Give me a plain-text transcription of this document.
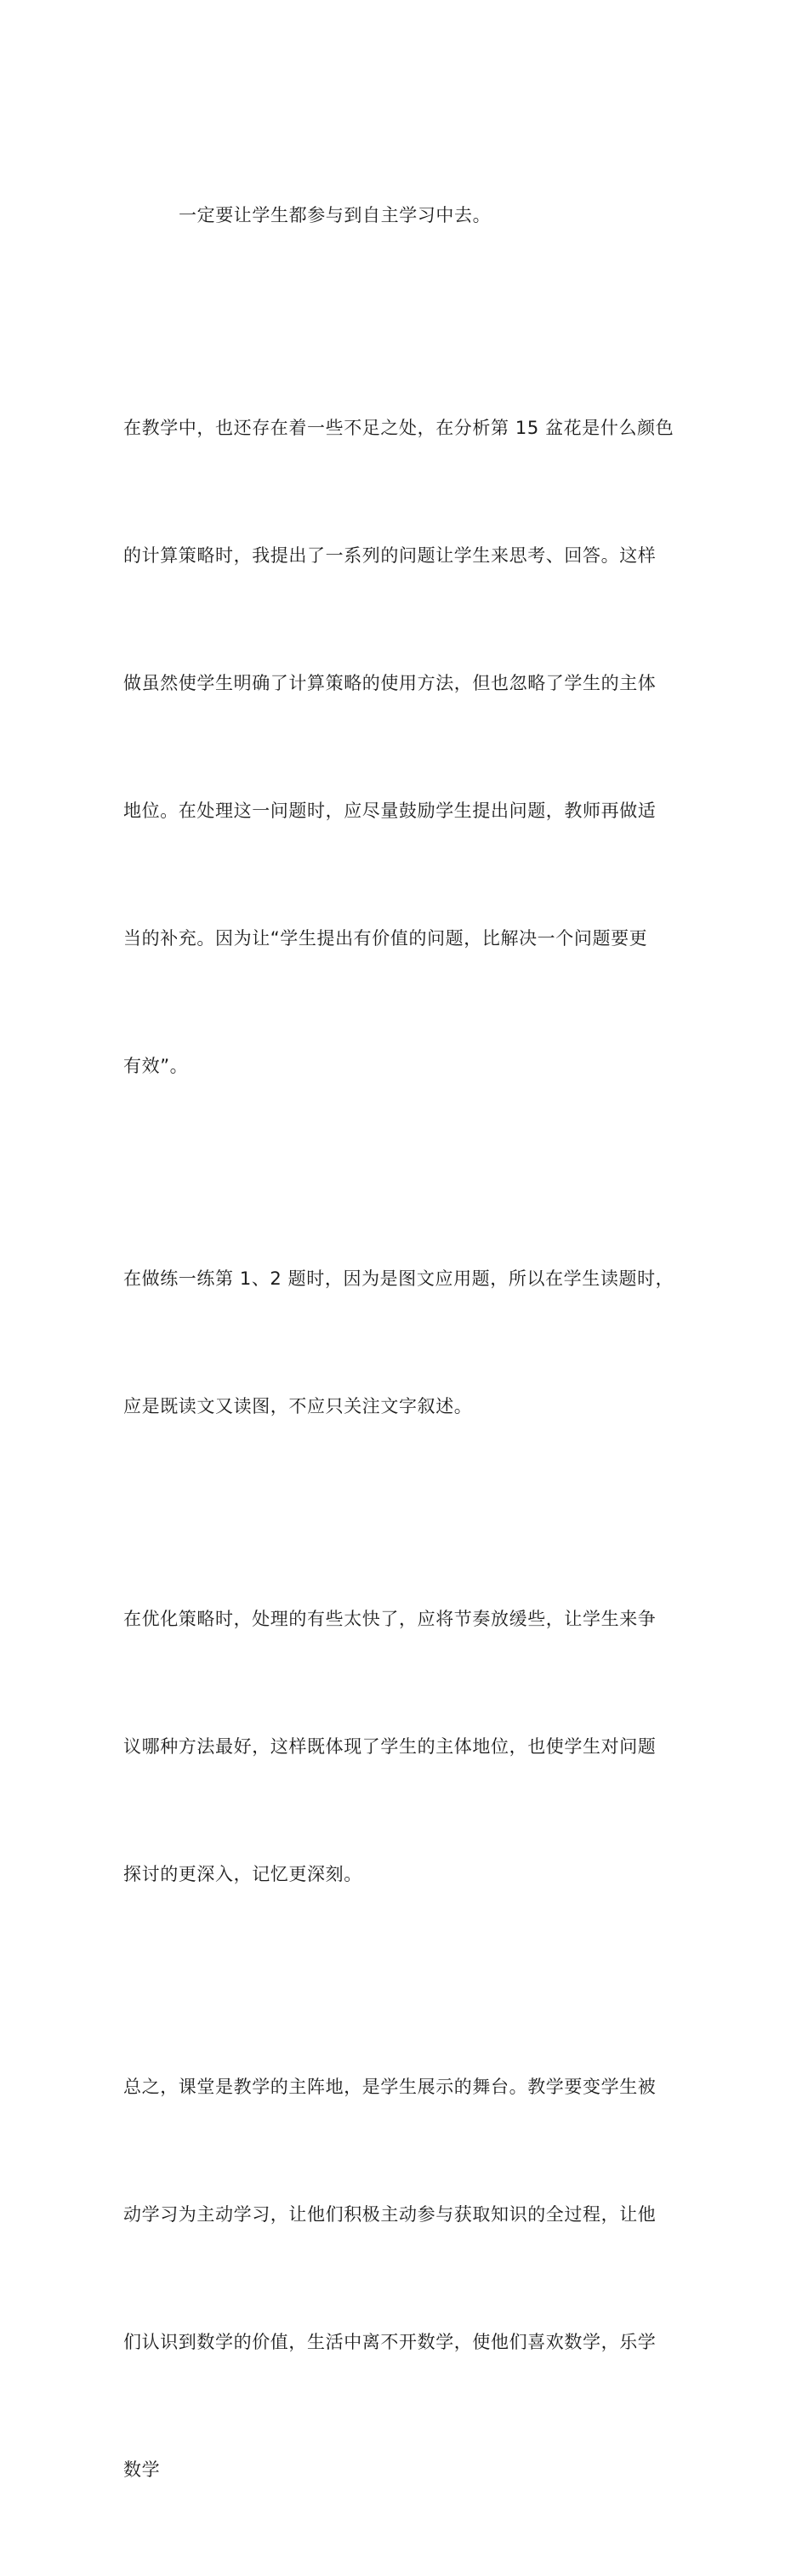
一定要让学生都参与到自主学习中去。

在教学中，也还存在着一些不足之处，在分析第 15 盆花是什么颜色

的计算策略时，我提出了一系列的问题让学生来思考、回答。这样

做虽然使学生明确了计算策略的使用方法，但也忽略了学生的主体

地位。在处理这一问题时，应尽量鼓励学生提出问题，教师再做适

当的补充。因为让“学生提出有价值的问题，比解决一个问题要更

有效”。

在做练一练第 1、2 题时，因为是图文应用题，所以在学生读题时，

应是既读文又读图，不应只关注文字叙述。

在优化策略时，处理的有些太快了，应将节奏放缓些，让学生来争

议哪种方法最好，这样既体现了学生的主体地位，也使学生对问题

探讨的更深入，记忆更深刻。

总之，课堂是教学的主阵地，是学生展示的舞台。教学要变学生被

动学习为主动学习，让他们积极主动参与获取知识的全过程，让他

们认识到数学的价值，生活中离不开数学，使他们喜欢数学，乐学

数学
